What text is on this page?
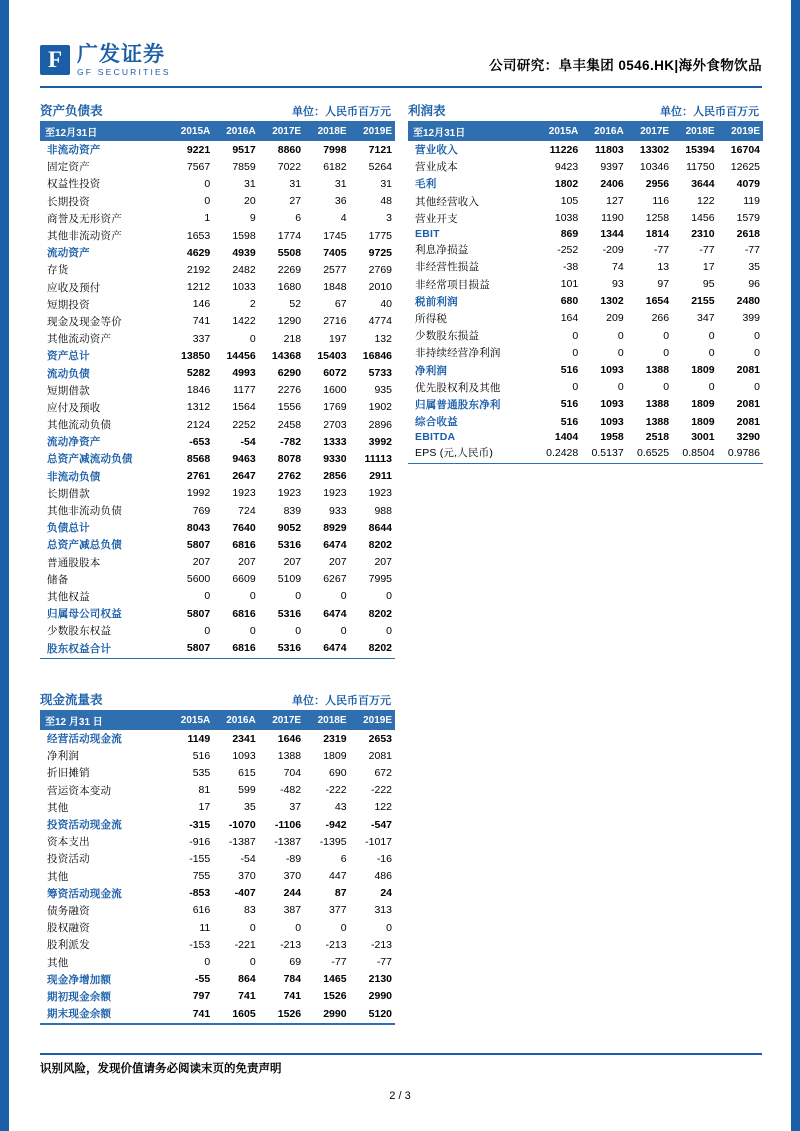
F 广发证券
GF SECURITIES	公司研究：阜丰集团 0546.HK|海外食物饮品
资产负债表	单位：人民币百万元
至12月31日	2015A	2016A	2017E	2018E	2019E
非流动资产	9221	9517	8860	7998	7121
固定资产	7567	7859	7022	6182	5264
权益性投资	0	31	31	31	31
长期投资	0	20	27	36	48
商誉及无形资产	1	9	6	4	3
其他非流动资产	1653	1598	1774	1745	1775
流动资产	4629	4939	5508	7405	9725
存货	2192	2482	2269	2577	2769
应收及预付	1212	1033	1680	1848	2010
短期投资	146	2	52	67	40
现金及现金等价	741	1422	1290	2716	4774
其他流动资产	337	0	218	197	132
资产总计	13850	14456	14368	15403	16846
流动负债	5282	4993	6290	6072	5733
短期借款	1846	1177	2276	1600	935
应付及预收	1312	1564	1556	1769	1902
其他流动负债	2124	2252	2458	2703	2896
流动净资产	-653	-54	-782	1333	3992
总资产减流动负债	8568	9463	8078	9330	11113
非流动负债	2761	2647	2762	2856	2911
长期借款	1992	1923	1923	1923	1923
其他非流动负债	769	724	839	933	988
负债总计	8043	7640	9052	8929	8644
总资产减总负债	5807	6816	5316	6474	8202
普通股股本	207	207	207	207	207
储备	5600	6609	5109	6267	7995
其他权益	0	0	0	0	0
归属母公司权益	5807	6816	5316	6474	8202
少数股东权益	0	0	0	0	0
股东权益合计	5807	6816	5316	6474	8202
利润表	单位：人民币百万元
至12月31日	2015A	2016A	2017E	2018E	2019E
营业收入	11226	11803	13302	15394	16704
营业成本	9423	9397	10346	11750	12625
毛利	1802	2406	2956	3644	4079
其他经营收入	105	127	116	122	119
营业开支	1038	1190	1258	1456	1579
EBIT	869	1344	1814	2310	2618
利息净损益	-252	-209	-77	-77	-77
非经营性损益	-38	74	13	17	35
非经常项目损益	101	93	97	95	96
税前利润	680	1302	1654	2155	2480
所得税	164	209	266	347	399
少数股东损益	0	0	0	0	0
非持续经营净利润	0	0	0	0	0
净利润	516	1093	1388	1809	2081
优先股权利及其他	0	0	0	0	0
归属普通股东净利	516	1093	1388	1809	2081
综合收益	516	1093	1388	1809	2081
EBITDA	1404	1958	2518	3001	3290
EPS (元,人民币)	0.2428	0.5137	0.6525	0.8504	0.9786
现金流量表	单位：人民币百万元
至12 月31 日	2015A	2016A	2017E	2018E	2019E
经营活动现金流	1149	2341	1646	2319	2653
净利润	516	1093	1388	1809	2081
折旧摊销	535	615	704	690	672
营运资本变动	81	599	-482	-222	-222
其他	17	35	37	43	122
投资活动现金流	-315	-1070	-1106	-942	-547
资本支出	-916	-1387	-1387	-1395	-1017
投资活动	-155	-54	-89	6	-16
其他	755	370	370	447	486
筹资活动现金流	-853	-407	244	87	24
债务融资	616	83	387	377	313
股权融资	11	0	0	0	0
股利派发	-153	-221	-213	-213	-213
其他	0	0	69	-77	-77
现金净增加额	-55	864	784	1465	2130
期初现金余额	797	741	741	1526	2990
期末现金余额	741	1605	1526	2990	5120
识别风险，发现价值请务必阅读末页的免责声明
2 / 3
